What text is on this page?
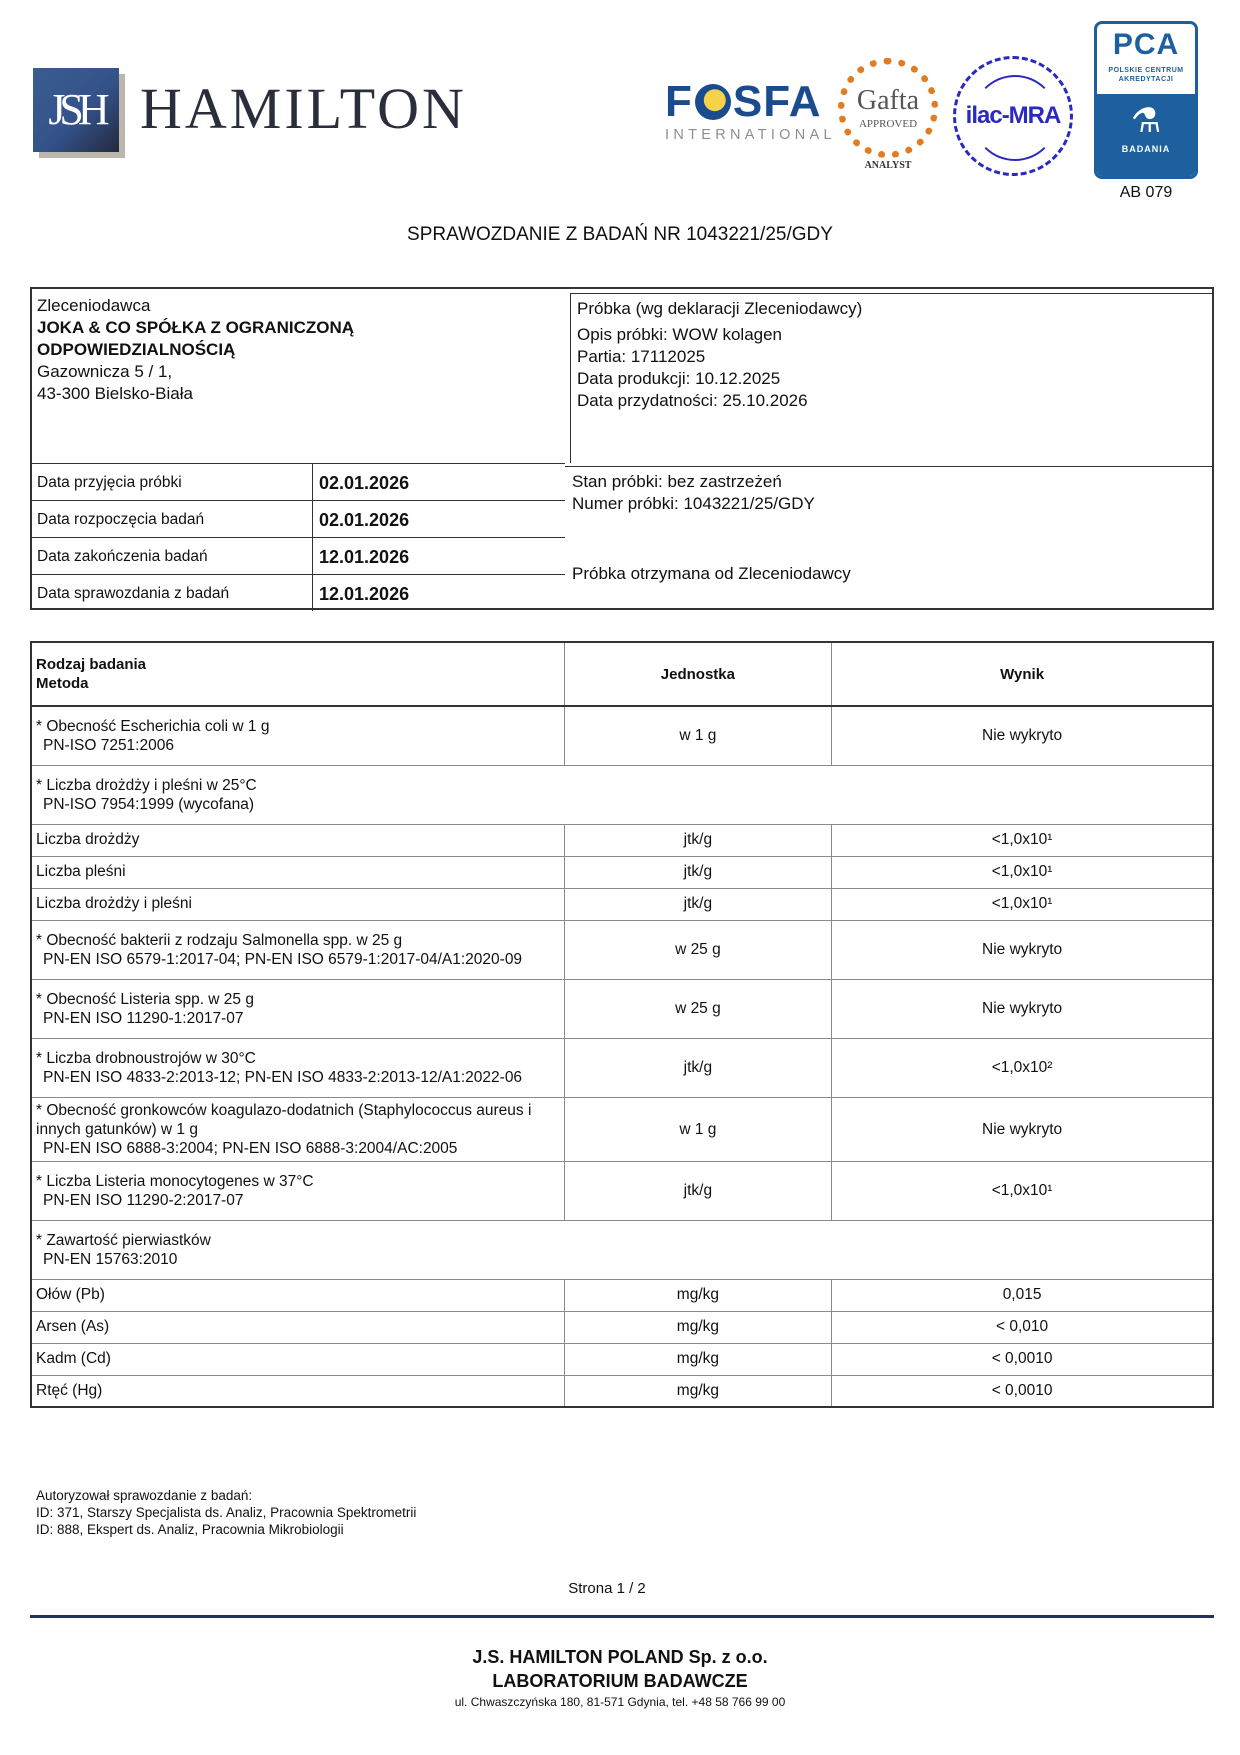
JSH HAMILTON	F SFA
INTERNATIONAL
Gafta
APPROVED
ANALYST
ilac-MRA
PCA
POLSKIE CENTRUM
AKREDYTACJI
⚗
BADANIA
AB 079
SPRAWOZDANIE Z BADAŃ NR 1043221/25/GDY
Zleceniodawca
JOKA & CO SPÓŁKA Z OGRANICZONĄ
ODPOWIEDZIALNOŚCIĄ
Gazownicza 5 / 1,
43-300 Bielsko-Biała
Próbka (wg deklaracji Zleceniodawcy)
Opis próbki: WOW kolagen
Partia: 17112025
Data produkcji: 10.12.2025
Data przydatności: 25.10.2026
Data przyjęcia próbki	02.01.2026
Data rozpoczęcia badań	02.01.2026
Data zakończenia badań	12.01.2026
Data sprawozdania z badań	12.01.2026
Stan próbki: bez zastrzeżeń
Numer próbki: 1043221/25/GDY
Próbka otrzymana od Zleceniodawcy
Rodzaj badania
Metoda	Jednostka	Wynik
* Obecność Escherichia coli w 1 g
PN-ISO 7251:2006	w 1 g	Nie wykryto
* Liczba drożdży i pleśni w 25°C
PN-ISO 7954:1999 (wycofana)		

Liczba drożdży	jtk/g	<1,0x10¹
Liczba pleśni	jtk/g	<1,0x10¹
Liczba drożdży i pleśni	jtk/g	<1,0x10¹
* Obecność bakterii z rodzaju Salmonella spp. w 25 g
PN-EN ISO 6579-1:2017-04; PN-EN ISO 6579-1:2017-04/A1:2020-09	w 25 g	Nie wykryto
* Obecność Listeria spp. w 25 g
PN-EN ISO 11290-1:2017-07	w 25 g	Nie wykryto
* Liczba drobnoustrojów w 30°C
PN-EN ISO 4833-2:2013-12; PN-EN ISO 4833-2:2013-12/A1:2022-06	jtk/g	<1,0x10²
* Obecność gronkowców koagulazo-dodatnich (Staphylococcus aureus i innych gatunków) w 1 g
PN-EN ISO 6888-3:2004; PN-EN ISO 6888-3:2004/AC:2005	w 1 g	Nie wykryto
* Liczba Listeria monocytogenes w 37°C
PN-EN ISO 11290-2:2017-07	jtk/g	<1,0x10¹
* Zawartość pierwiastków
PN-EN 15763:2010		

Ołów (Pb)	mg/kg	0,015
Arsen (As)	mg/kg	< 0,010
Kadm (Cd)	mg/kg	< 0,0010
Rtęć (Hg)	mg/kg	< 0,0010
Autoryzował sprawozdanie z badań:
ID: 371, Starszy Specjalista ds. Analiz, Pracownia Spektrometrii
ID: 888, Ekspert ds. Analiz, Pracownia Mikrobiologii
Strona 1 / 2
J.S. HAMILTON POLAND Sp. z o.o.
LABORATORIUM BADAWCZE
ul. Chwaszczyńska 180, 81-571 Gdynia, tel. +48 58 766 99 00
